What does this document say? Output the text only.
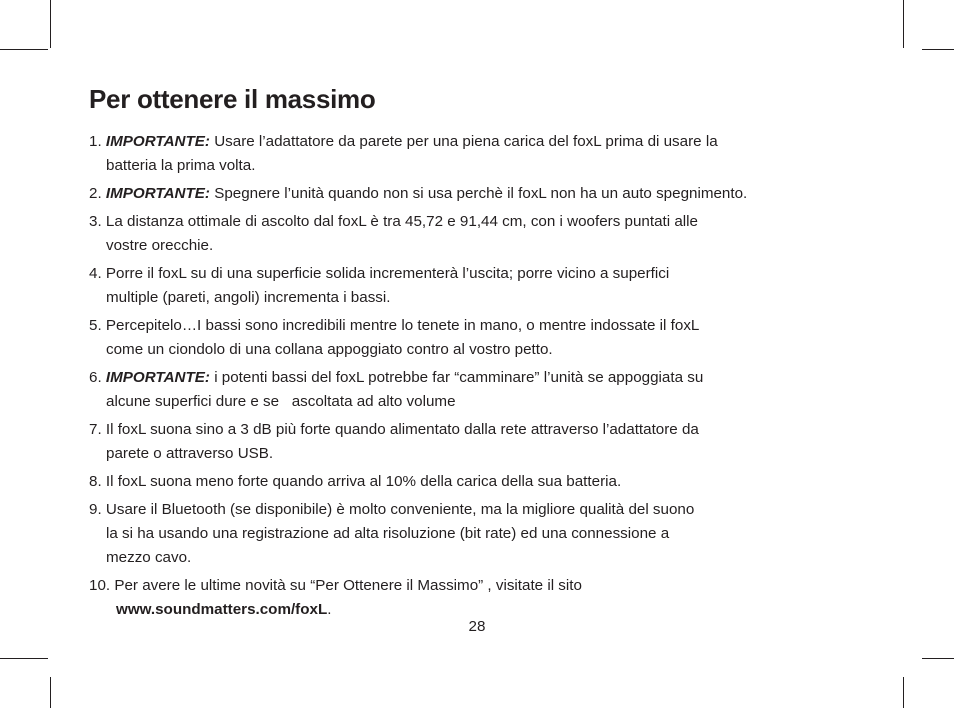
Per ottenere il massimo
1. IMPORTANTE: Usare l’adattatore da parete per una piena carica del foxL prima di usare la
batteria la prima volta.
2. IMPORTANTE: Spegnere l’unità quando non si usa perchè il foxL non ha un auto spegnimento.
3. La distanza ottimale di ascolto dal foxL è tra 45,72 e 91,44 cm, con i woofers puntati alle
vostre orecchie.
4. Porre il foxL su di una superficie solida incrementerà l’uscita; porre vicino a superfici
multiple (pareti, angoli) incrementa i bassi.
5. Percepitelo…I bassi sono incredibili mentre lo tenete in mano, o mentre indossate il foxL
come un ciondolo di una collana appoggiato contro al vostro petto.
6. IMPORTANTE: i potenti bassi del foxL potrebbe far “camminare” l’unità se appoggiata su
alcune superfici dure e se   ascoltata ad alto volume
7. Il foxL suona sino a 3 dB più forte quando alimentato dalla rete attraverso l’adattatore da
parete o attraverso USB.
8. Il foxL suona meno forte quando arriva al 10% della carica della sua batteria.
9. Usare il Bluetooth (se disponibile) è molto conveniente, ma la migliore qualità del suono
la si ha usando una registrazione ad alta risoluzione (bit rate) ed una connessione a
mezzo cavo.
10. Per avere le ultime novità su “Per Ottenere il Massimo” , visitate il sito
www.soundmatters.com/foxL.
28
